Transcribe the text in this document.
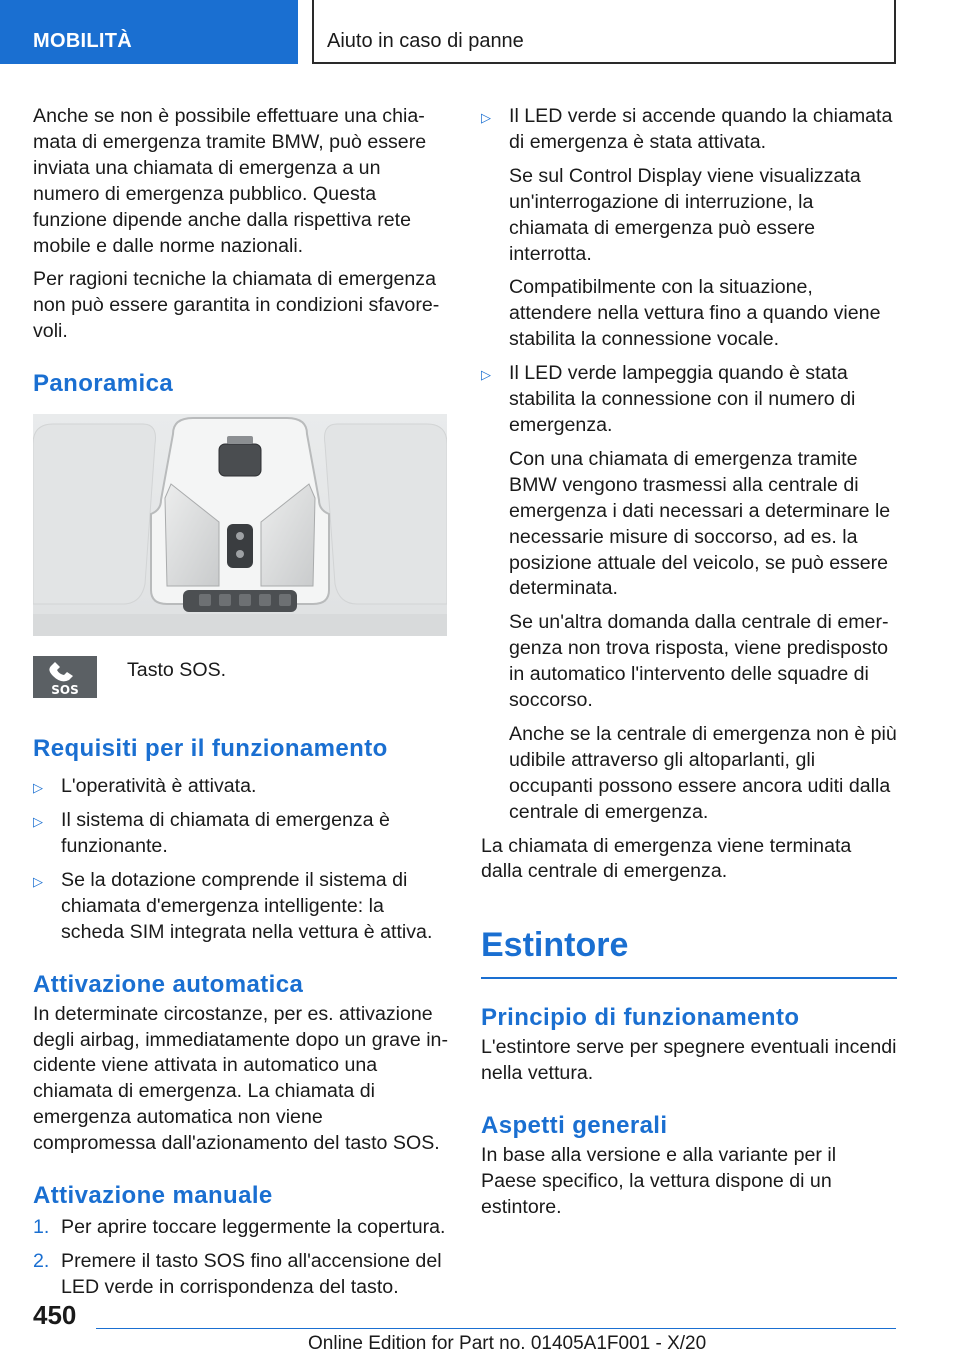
MOBILITÀ	Aiuto in caso di panne

Anche se non è possibile effettuare una chiamata di emergenza tramite BMW, può essere inviata una chiamata di emergenza a un numero di emergenza pubblico. Questa funzione dipende anche dalla rispettiva rete mobile e dalle norme nazionali.

Per ragioni tecniche la chiamata di emergenza non può essere garantita in condizioni sfavorevoli.

Panoramica
SOS
Tasto SOS.
Requisiti per il funzionamento
▷ L'operatività è attivata.
▷ Il sistema di chiamata di emergenza è funzionante.
▷ Se la dotazione comprende il sistema di chiamata d'emergenza intelligente: la scheda SIM integrata nella vettura è attiva.
Attivazione automatica

In determinate circostanze, per es. attivazione degli airbag, immediatamente dopo un grave incidente viene attivata in automatico una chiamata di emergenza. La chiamata di emergenza automatica non viene compromessa dall'azionamento del tasto SOS.

Attivazione manuale
1. Per aprire toccare leggermente la copertura.
2. Premere il tasto SOS fino all'accensione del LED verde in corrispondenza del tasto.
▷ Il LED verde si accende quando la chiamata di emergenza è stata attivata.

Se sul Control Display viene visualizzata un'interrogazione di interruzione, la chiamata di emergenza può essere interrotta.

Compatibilmente con la situazione, attendere nella vettura fino a quando viene stabilita la connessione vocale.

▷ Il LED verde lampeggia quando è stata stabilita la connessione con il numero di emergenza.

Con una chiamata di emergenza tramite BMW vengono trasmessi alla centrale di emergenza i dati necessari a determinare le necessarie misure di soccorso, ad es. la posizione attuale del veicolo, se può essere determinata.

Se un'altra domanda dalla centrale di emergenza non trova risposta, viene predisposto in automatico l'intervento delle squadre di soccorso.

Anche se la centrale di emergenza non è più udibile attraverso gli altoparlanti, gli occupanti possono essere ancora uditi dalla centrale di emergenza.

La chiamata di emergenza viene terminata dalla centrale di emergenza.

Estintore
Principio di funzionamento

L'estintore serve per spegnere eventuali incendi nella vettura.

Aspetti generali

In base alla versione e alla variante per il Paese specifico, la vettura dispone di un estintore.

450
Online Edition for Part no. 01405A1F001 - X/20
